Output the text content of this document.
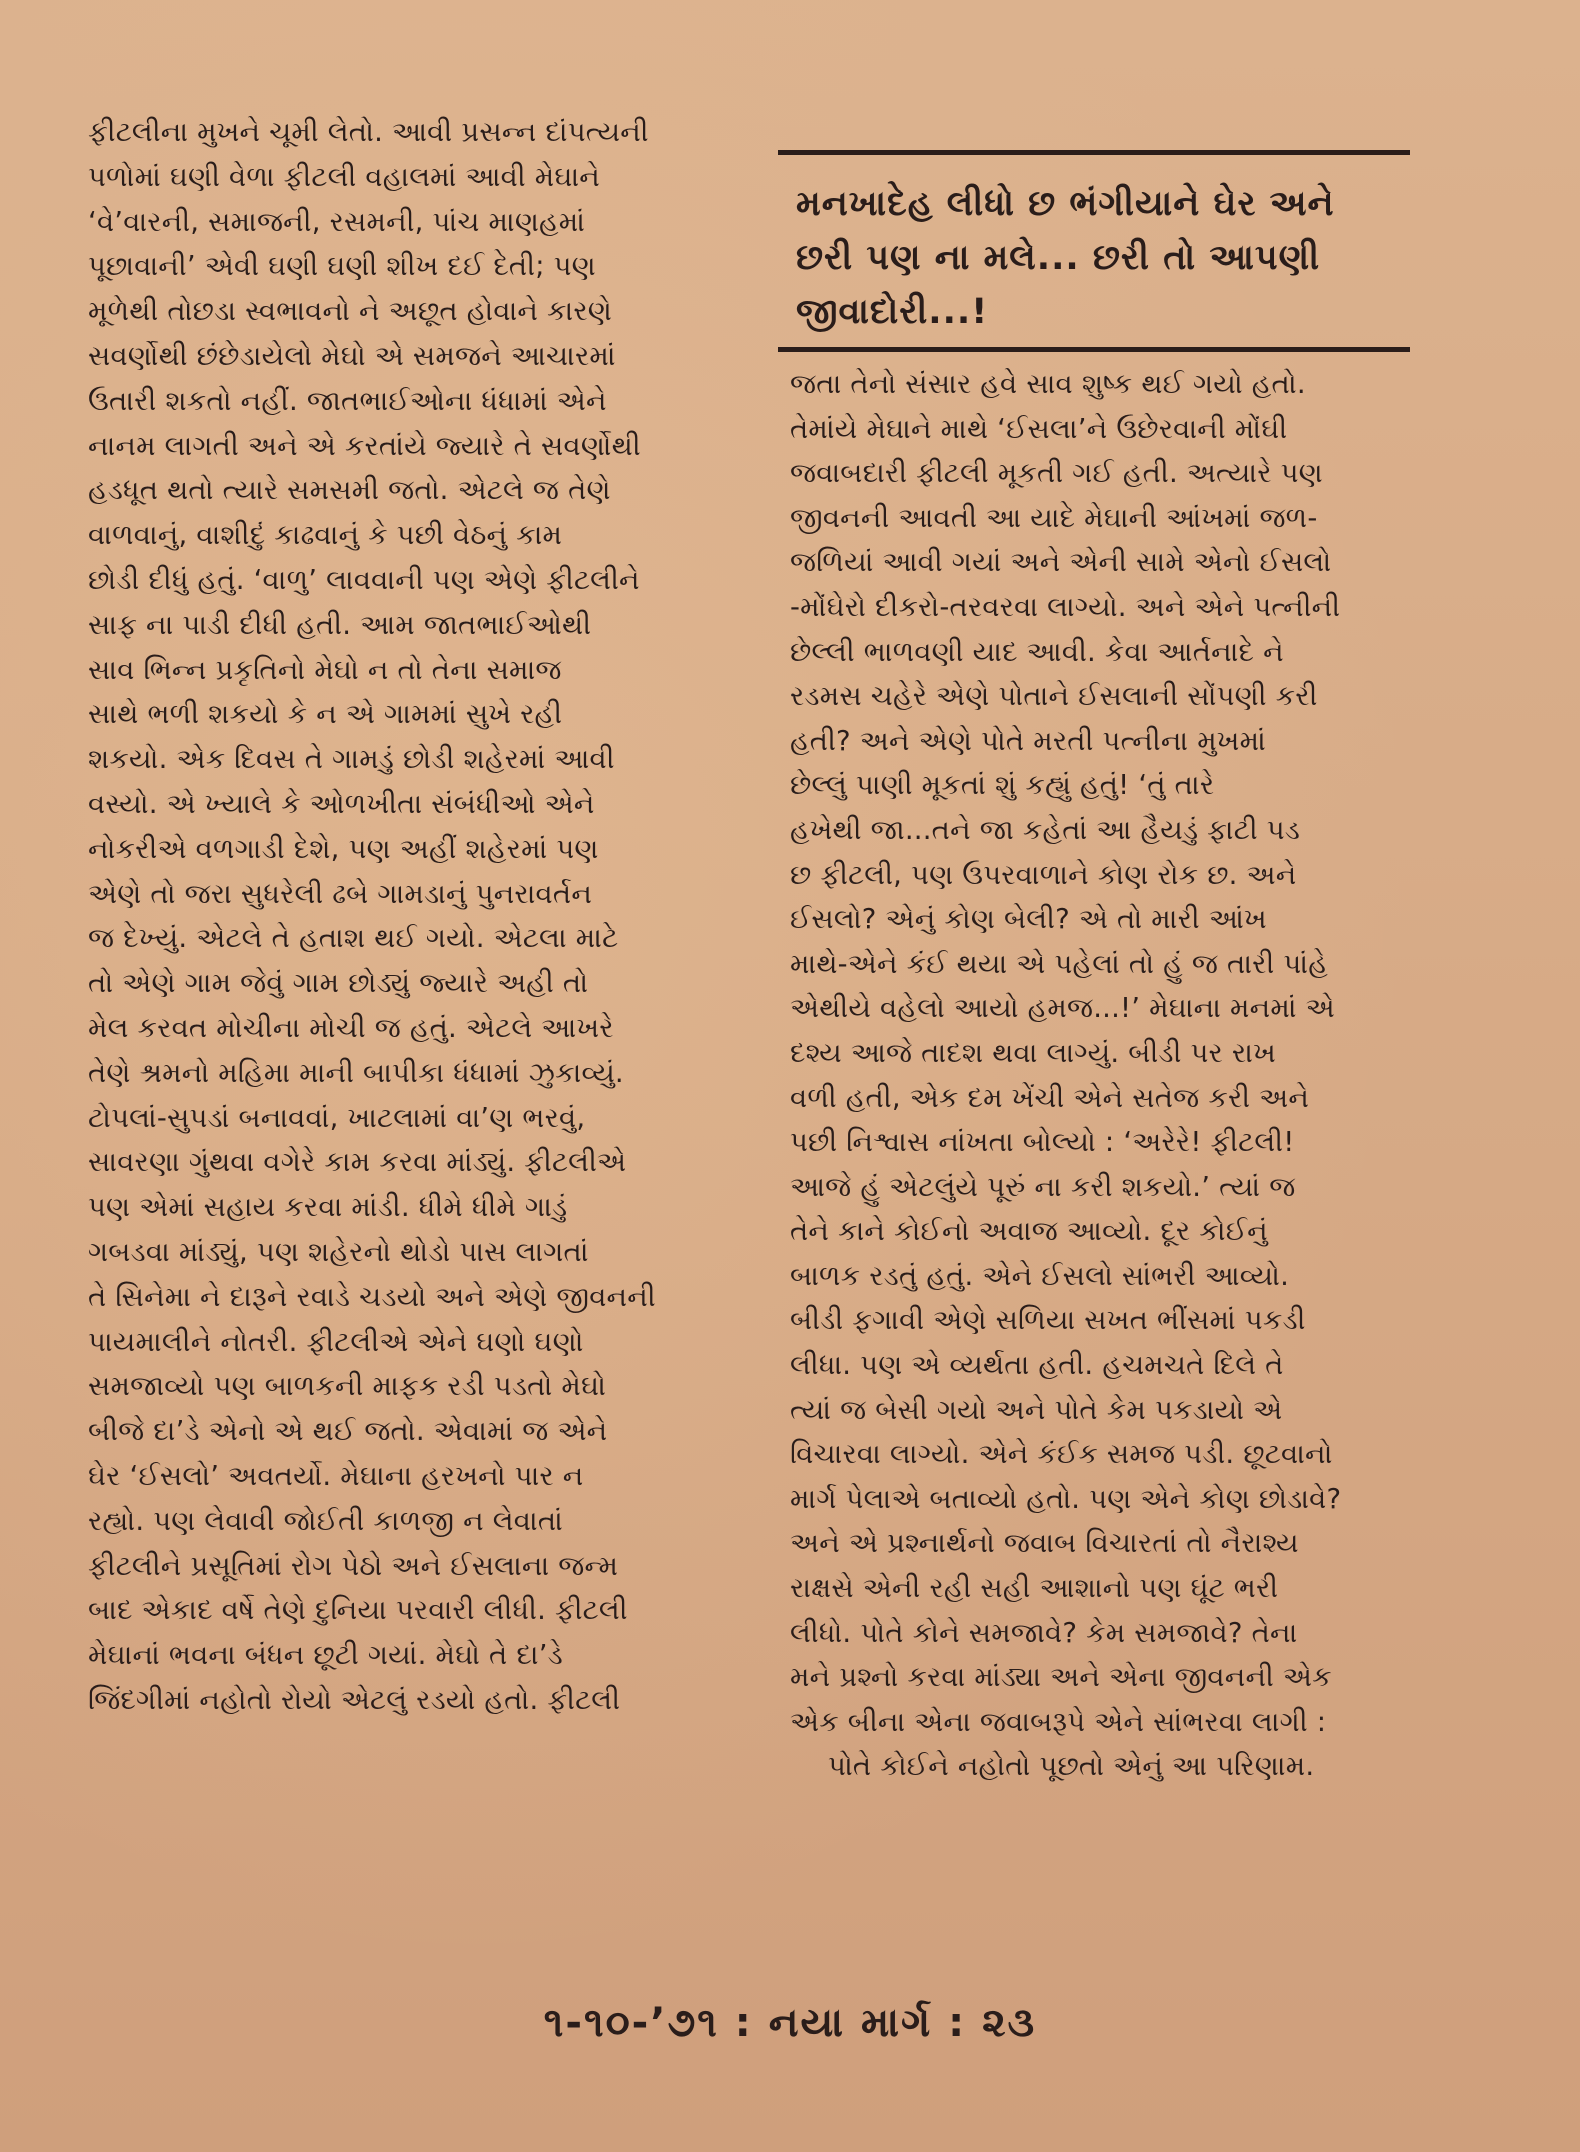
ફીટલીના મુખને ચૂમી લેતો. આવી પ્રસન્ન દાંપત્યની
પળોમાં ઘણી વેળા ફીટલી વહાલમાં આવી મેઘાને
‘વે’વારની, સમાજની, રસમની, પાંચ માણહમાં
પૂછાવાની’ એવી ઘણી ઘણી શીખ દઈ દેતી; પણ
મૂળેથી તોછડા સ્વભાવનો ને અછૂત હોવાને કારણે
સવર્ણોથી છંછેડાયેલો મેઘો એ સમજને આચારમાં
ઉતારી શકતો નહીં. જાતભાઈઓના ધંધામાં એને
નાનમ લાગતી અને એ કરતાંયે જ્યારે તે સવર્ણોથી
હડધૂત થતો ત્યારે સમસમી જતો. એટલે જ તેણે
વાળવાનું, વાશીદું કાઢવાનું કે પછી વેઠનું કામ
છોડી દીધું હતું. ‘વાળુ’ લાવવાની પણ એણે ફીટલીને
સાફ ના પાડી દીધી હતી. આમ જાતભાઈઓથી
સાવ ભિન્ન પ્રકૃતિનો મેઘો ન તો તેના સમાજ
સાથે ભળી શકયો કે ન એ ગામમાં સુખે રહી
શકયો. એક દિવસ તે ગામડું છોડી શહેરમાં આવી
વસ્યો. એ ખ્યાલે કે ઓળખીતા સંબંધીઓ એને
નોકરીએ વળગાડી દેશે, પણ અહીં શહેરમાં પણ
એણે તો જરા સુધરેલી ઢબે ગામડાનું પુનરાવર્તન
જ દેખ્યું. એટલે તે હતાશ થઈ ગયો. એટલા માટે
તો એણે ગામ જેવું ગામ છોડ્યું જ્યારે અહી તો
મેલ કરવત મોચીના મોચી જ હતું. એટલે આખરે
તેણે શ્રમનો મહિમા માની બાપીકા ધંધામાં ઝુકાવ્યું.
ટોપલાં-સુપડાં બનાવવાં, ખાટલામાં વા’ણ ભરવું,
સાવરણા ગુંથવા વગેરે કામ કરવા માંડ્યું. ફીટલીએ
પણ એમાં સહાય કરવા માંડી. ધીમે ધીમે ગાડું
ગબડવા માંડ્યું, પણ શહેરનો થોડો પાસ લાગતાં
તે સિનેમા ને દારૂને રવાડે ચડયો અને એણે જીવનની
પાયમાલીને નોતરી. ફીટલીએ એને ઘણો ઘણો
સમજાવ્યો પણ બાળકની માફક રડી પડતો મેઘો
બીજે દા’ડે એનો એ થઈ જતો. એવામાં જ એને
ઘેર ‘ઈસલો’ અવતર્યો. મેઘાના હરખનો પાર ન
રહ્યો. પણ લેવાવી જોઈતી કાળજી ન લેવાતાં
ફીટલીને પ્રસૂતિમાં રોગ પેઠો અને ઈસલાના જન્મ
બાદ એકાદ વર્ષે તેણે દુનિયા પરવારી લીધી. ફીટલી
મેઘાનાં ભવના બંધન છૂટી ગયાં. મેઘો તે દા’ડે
જિંદગીમાં નહોતો રોયો એટલું રડયો હતો. ફીટલી
મનખાદેહ લીધો છ ભંગીયાને ઘેર અને
છરી પણ ના મલે... છરી તો આપણી
જીવાદોરી...!
જતા તેનો સંસાર હવે સાવ શુષ્ક થઈ ગયો હતો.
તેમાંયે મેઘાને માથે ‘ઈસલા’ને ઉછેરવાની મોંઘી
જવાબદારી ફીટલી મૂકતી ગઈ હતી. અત્યારે પણ
જીવનની આવતી આ યાદે મેઘાની આંખમાં જળ-
જળિયાં આવી ગયાં અને એની સામે એનો ઈસલો
-મોંઘેરો દીકરો-તરવરવા લાગ્યો. અને એને પત્નીની
છેલ્લી ભાળવણી યાદ આવી. કેવા આર્તનાદે ને
રડમસ ચહેરે એણે પોતાને ઈસલાની સોંપણી કરી
હતી? અને એણે પોતે મરતી પત્નીના મુખમાં
છેલ્લું પાણી મૂકતાં શું કહ્યું હતું! ‘તું તારે
હખેથી જા...તને જા કહેતાં આ હૈયડું ફાટી પડ
છ ફીટલી, પણ ઉપરવાળાને કોણ રોક છ. અને
ઈસલો? એનું કોણ બેલી? એ તો મારી આંખ
માથે-એને કંઈ થયા એ પહેલાં તો હું જ તારી પાંહે
એથીયે વહેલો આયો હમજ...!’ મેઘાના મનમાં એ
દશ્ય આજે તાદશ થવા લાગ્યું. બીડી પર રાખ
વળી હતી, એક દમ ખેંચી એને સતેજ કરી અને
પછી નિશ્વાસ નાંખતા બોલ્યો : ‘અરેરે! ફીટલી!
આજે હું એટલુંયે પૂરું ના કરી શકયો.’ ત્યાં જ
તેને કાને કોઈનો અવાજ આવ્યો. દૂર કોઈનું
બાળક રડતું હતું. એને ઈસલો સાંભરી આવ્યો.
બીડી ફગાવી એણે સળિયા સખત ભીંસમાં પકડી
લીધા. પણ એ વ્યર્થતા હતી. હચમચતે દિલે તે
ત્યાં જ બેસી ગયો અને પોતે કેમ પકડાયો એ
વિચારવા લાગ્યો. એને કંઈક સમજ પડી. છૂટવાનો
માર્ગ પેલાએ બતાવ્યો હતો. પણ એને કોણ છોડાવે?
અને એ પ્રશ્નાર્થનો જવાબ વિચારતાં તો નૈરાશ્ય
રાક્ષસે એની રહી સહી આશાનો પણ ઘૂંટ ભરી
લીધો. પોતે કોને સમજાવે? કેમ સમજાવે? તેના
મને પ્રશ્નો કરવા માંડ્યા અને એના જીવનની એક
એક બીના એના જવાબરૂપે એને સાંભરવા લાગી :
પોતે કોઈને નહોતો પૂછતો એનું આ પરિણામ.
૧-૧૦-’૭૧ : નયા માર્ગ : ૨૩
